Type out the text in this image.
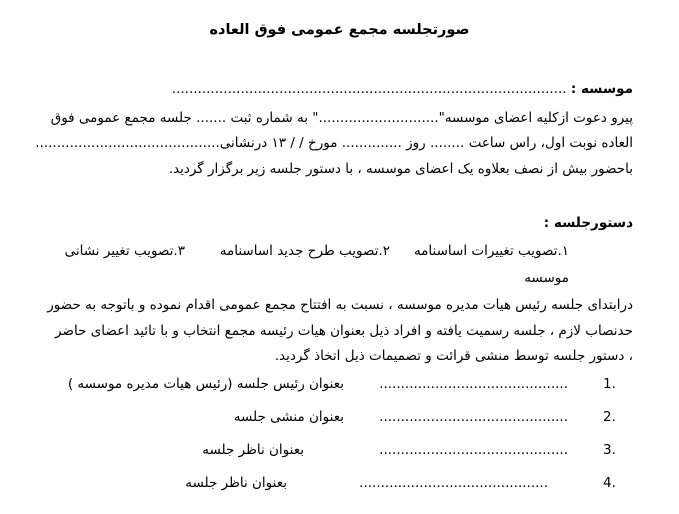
صورتجلسه مجمع عمومی فوق العاده
موسسه : ............................................................................................
پیرو دعوت ازکلیه اعضای موسسه"............................" به شماره ثبت ....... جلسه مجمع عمومی فوق
العاده نوبت اول، راس ساعت ........ روز .............. مورخ / / ۱۳ درنشانی...........................................
باحضور بیش از نصف بعلاوه یک اعضای موسسه ، با دستور جلسه زیر برگزار گردید.
دستورجلسه :
۱.تصویب تغییرات اساسنامه
۲.تصویب طرح جدید اساسنامه
۳.تصویب تغییر نشانی
موسسه
درابتدای جلسه رئیس هیات مدیره موسسه ، نسبت به افتتاح مجمع عمومی اقدام نموده و باتوجه به حضور
حدنصاب لازم ، جلسه رسمیت یافته و افراد ذیل بعنوان هیات رئیسه مجمع انتخاب و با تائید اعضای حاضر
، دستور جلسه توسط منشی قرائت و تصمیمات ذیل اتخاذ گردید.
1.
............................................
بعنوان رئیس جلسه (رئیس هیات مدیره موسسه )
2.
............................................
بعنوان منشی جلسه
3.
............................................
بعنوان ناظر جلسه
4.
............................................
بعنوان ناظر جلسه
